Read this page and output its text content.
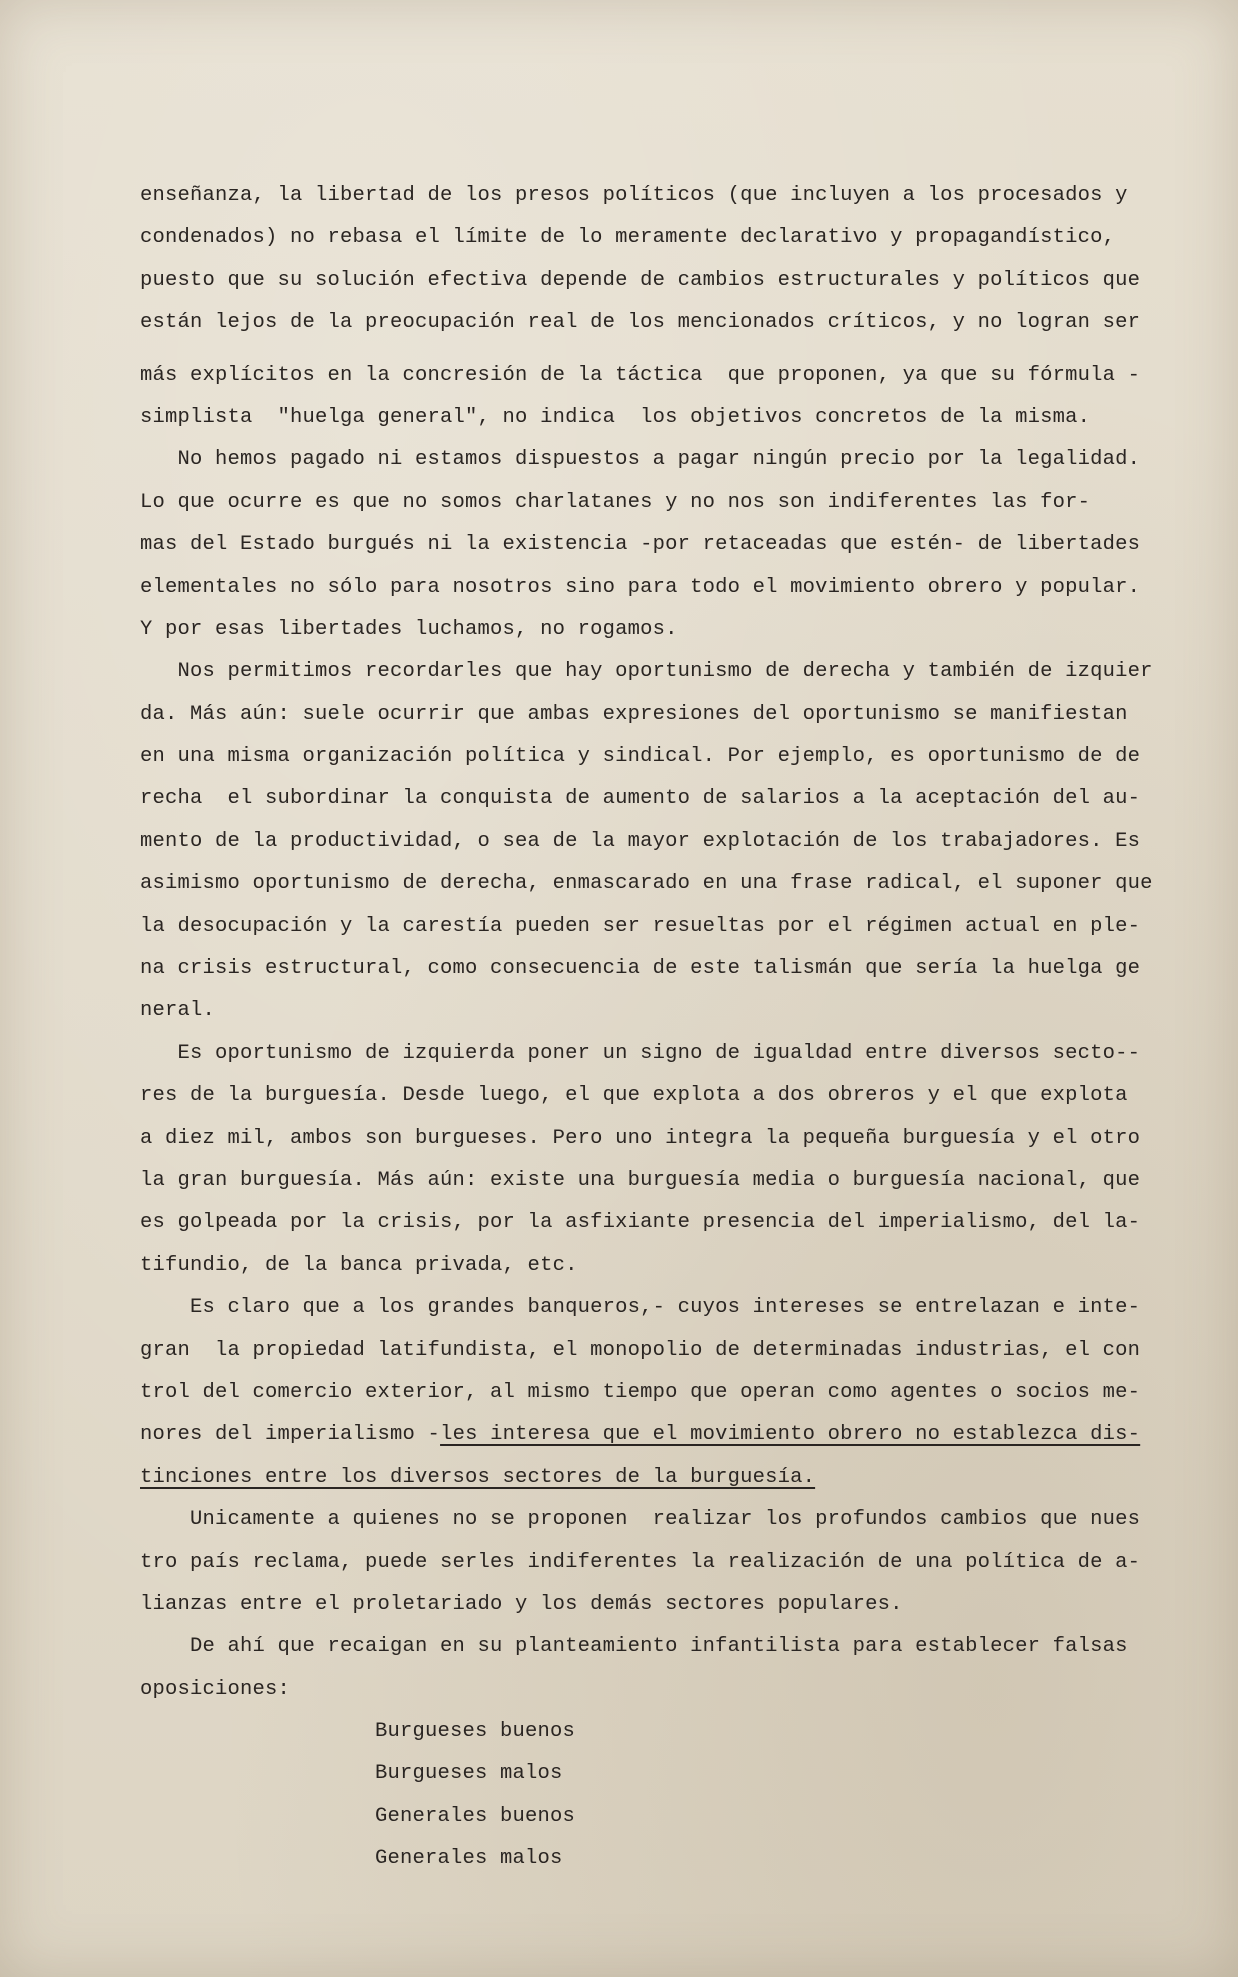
enseñanza, la libertad de los presos políticos (que incluyen a los procesados y
condenados) no rebasa el límite de lo meramente declarativo y propagandístico,
puesto que su solución efectiva depende de cambios estructurales y políticos que
están lejos de la preocupación real de los mencionados críticos, y no logran ser
más explícitos en la concresión de la táctica  que proponen, ya que su fórmula -
simplista  "huelga general", no indica  los objetivos concretos de la misma.
No hemos pagado ni estamos dispuestos a pagar ningún precio por la legalidad.
Lo que ocurre es que no somos charlatanes y no nos son indiferentes las for-
mas del Estado burgués ni la existencia -por retaceadas que estén- de libertades
elementales no sólo para nosotros sino para todo el movimiento obrero y popular.
Y por esas libertades luchamos, no rogamos.
Nos permitimos recordarles que hay oportunismo de derecha y también de izquier
da. Más aún: suele ocurrir que ambas expresiones del oportunismo se manifiestan
en una misma organización política y sindical. Por ejemplo, es oportunismo de de
recha  el subordinar la conquista de aumento de salarios a la aceptación del au-
mento de la productividad, o sea de la mayor explotación de los trabajadores. Es
asimismo oportunismo de derecha, enmascarado en una frase radical, el suponer que
la desocupación y la carestía pueden ser resueltas por el régimen actual en ple-
na crisis estructural, como consecuencia de este talismán que sería la huelga ge
neral.
Es oportunismo de izquierda poner un signo de igualdad entre diversos secto--
res de la burguesía. Desde luego, el que explota a dos obreros y el que explota
a diez mil, ambos son burgueses. Pero uno integra la pequeña burguesía y el otro
la gran burguesía. Más aún: existe una burguesía media o burguesía nacional, que
es golpeada por la crisis, por la asfixiante presencia del imperialismo, del la-
tifundio, de la banca privada, etc.
Es claro que a los grandes banqueros,- cuyos intereses se entrelazan e inte-
gran  la propiedad latifundista, el monopolio de determinadas industrias, el con
trol del comercio exterior, al mismo tiempo que operan como agentes o socios me-
nores del imperialismo -les interesa que el movimiento obrero no establezca dis-
tinciones entre los diversos sectores de la burguesía.
Unicamente a quienes no se proponen  realizar los profundos cambios que nues
tro país reclama, puede serles indiferentes la realización de una política de a-
lianzas entre el proletariado y los demás sectores populares.
De ahí que recaigan en su planteamiento infantilista para establecer falsas
oposiciones:
Burgueses buenos
Burgueses malos
Generales buenos
Generales malos
